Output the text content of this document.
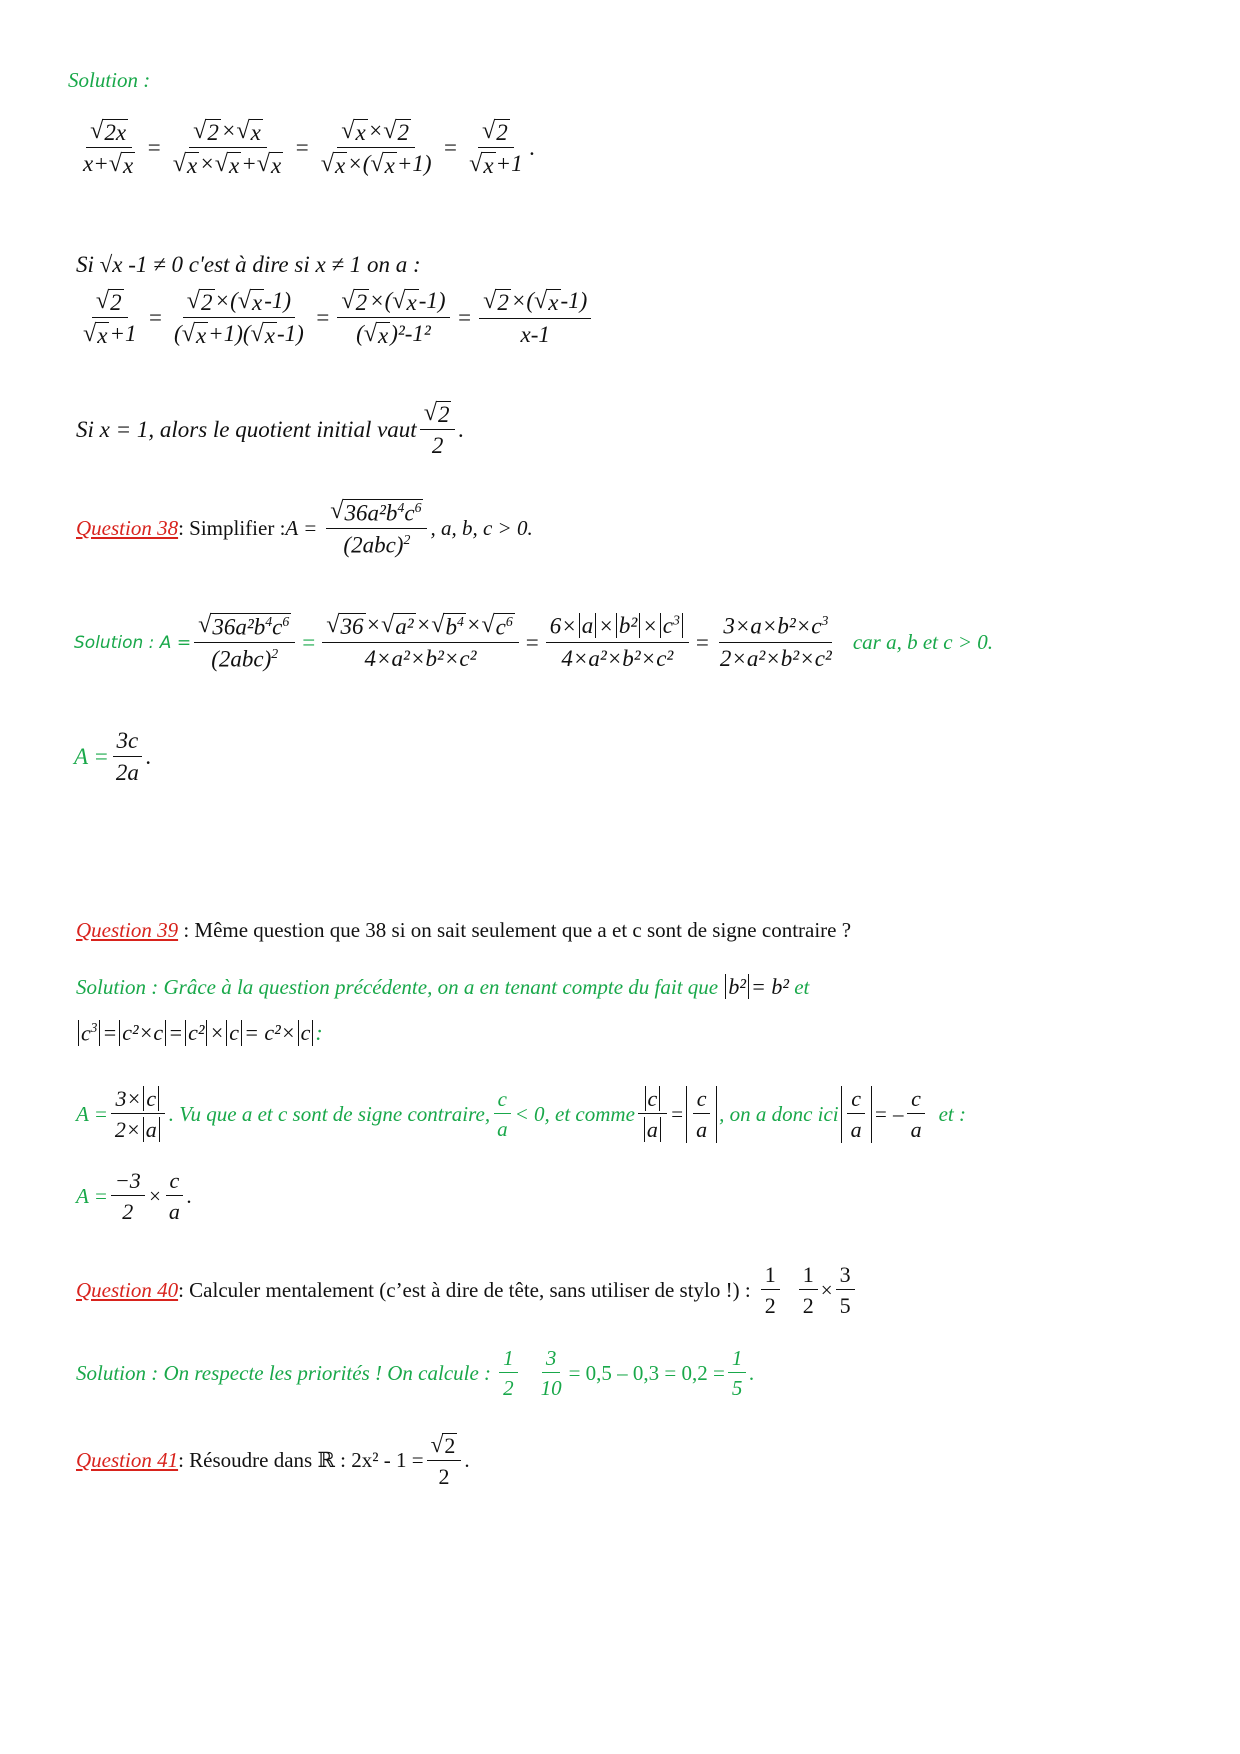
Solution :
$\frac{√ 2x}{x+ √ x} = \frac{√ 2 \times √ x}{√ x \times √ x + √ x} = \frac{√ x \times √ 2}{√ x \times( √ x +1)} = \frac{√ 2}{√ x +1}$ .
Si √x -1 ≠ 0 c'est à dire si x ≠ 1 on a :
$\frac{√ 2}{√ x +1} = \frac{√ 2 \times( √ x -1)}{( √ x +1)( √ x -1)} = \frac{√ 2 \times( √ x -1)}{\text{( √ x )²-1²}} = \frac{√ 2 \times( √ x -1)}{x-1}$
Si x = 1, alors le quotient initial vaut $\frac{√ 2}{2}$ .
Question 38 : Simplifier : $A = \frac{√ 36a^2b^4c^6}{(2abc)^2}$ , a, b, c > 0.
Solution : $A = \frac{√ 36a^2b^4c^6}{(2abc)^2} = \frac{√ 36 \times √ a^2 \times √ b^4 \times √ c^6}{\text{4×a²×b²×c²}} = \frac{6\times a \times b^2 \times c^3}{\text{4×a²×b²×c²}} = \frac{3\times a\times b^2\times c^3}{\text{2×a²×b²×c²}}$ car a, b et c > 0.
$A = \frac{3c}{2a}$ .
Question 39 : Même question que 38 si on sait seulement que a et c sont de signe contraire ?
Solution : Grâce à la question précédente, on a en tenant compte du fait que b² = b² et
$c^3 = c^2\times c = c^2 \times c = c^2\times c$ :
$A = \frac{3\times c}{2\times a}$ . Vu que a et c sont de signe contraire, $\frac{c}{a} < 0$, et comme $\frac{c}{a} = \frac{c}{a}$ , on a donc ici $\frac{c}{a}$ = – $\frac{c}{a}$ et :
$A = \frac{-3}{2} \times \frac{c}{a}$ .
Question 40 : Calculer mentalement (c’est à dire de tête, sans utiliser de stylo !) : $\frac{1}{2} \frac{1}{2} \times \frac{3}{5}$
Solution : On respecte les priorités ! On calcule : $\frac{1}{2} \frac{3}{10} = 0,5 - 0,3 = 0,2 = \frac{1}{5}$ .
Question 41 : Résoudre dans ℝ : $2x^2 - 1 = \frac{√ 2}{2}$ .
